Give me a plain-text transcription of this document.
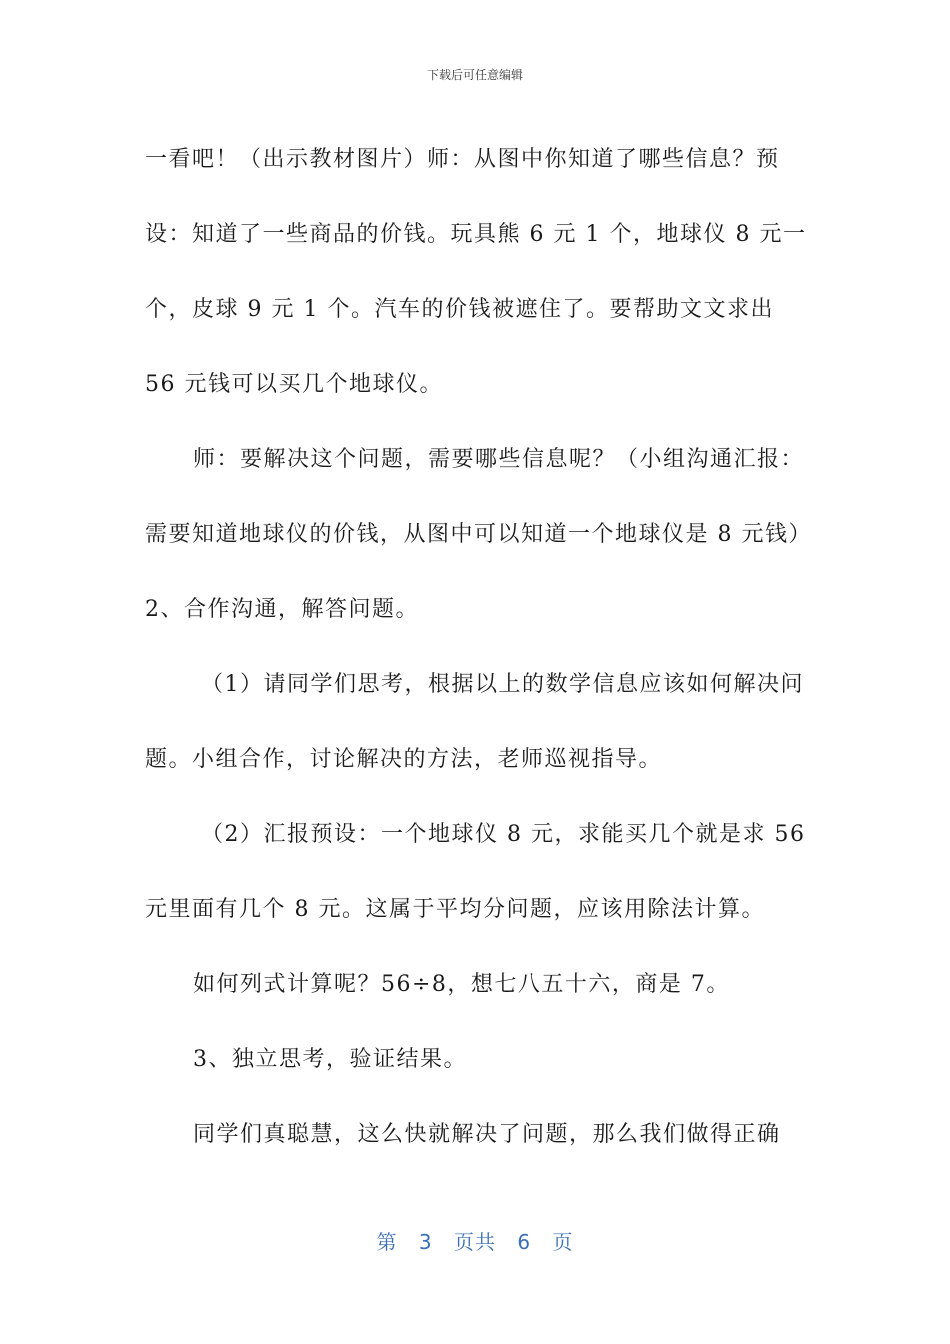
下载后可任意编辑

一看吧！（出示教材图片）师：从图中你知道了哪些信息？预设：知道了一些商品的价钱。玩具熊 6 元 1 个，地球仪 8 元一个，皮球 9 元 1 个。汽车的价钱被遮住了。要帮助文文求出 56 元钱可以买几个地球仪。

师：要解决这个问题，需要哪些信息呢？（小组沟通汇报：需要知道地球仪的价钱，从图中可以知道一个地球仪是 8 元钱）2、合作沟通，解答问题。

（1）请同学们思考，根据以上的数学信息应该如何解决问题。小组合作，讨论解决的方法，老师巡视指导。

（2）汇报预设：一个地球仪 8 元，求能买几个就是求 56 元里面有几个 8 元。这属于平均分问题，应该用除法计算。

如何列式计算呢？56÷8，想七八五十六，商是 7。

3、独立思考，验证结果。

同学们真聪慧，这么快就解决了问题，那么我们做得正确

第 3 页共 6 页
